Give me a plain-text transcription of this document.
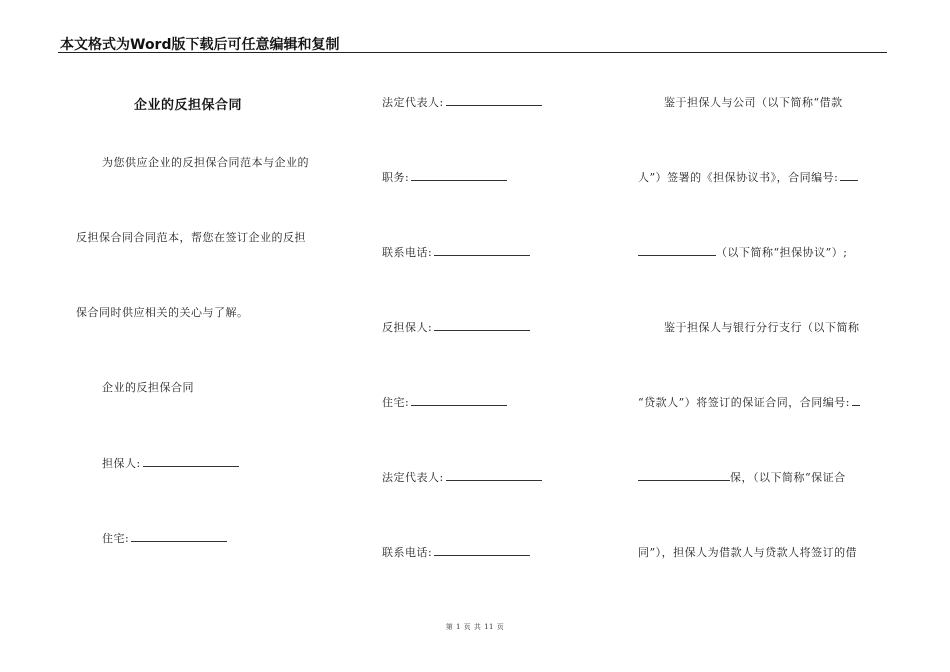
本文格式为Word版下载后可任意编辑和复制
企业的反担保合同
为您供应企业的反担保合同范本与企业的
反担保合同合同范本，帮您在签订企业的反担
保合同时供应相关的关心与了解。
企业的反担保合同
担保人:
住宅:
法定代表人:
职务:
联系电话:
反担保人:
住宅:
法定代表人:
联系电话:
鉴于担保人与公司（以下简称“借款
人”）签署的《担保协议书》，合同编号:
（以下简称“担保协议”）;
鉴于担保人与银行分行支行（以下简称
“贷款人”）将签订的保证合同，合同编号:
保，（以下简称“保证合
同”），担保人为借款人与贷款人将签订的借
第 1 页 共 11 页
